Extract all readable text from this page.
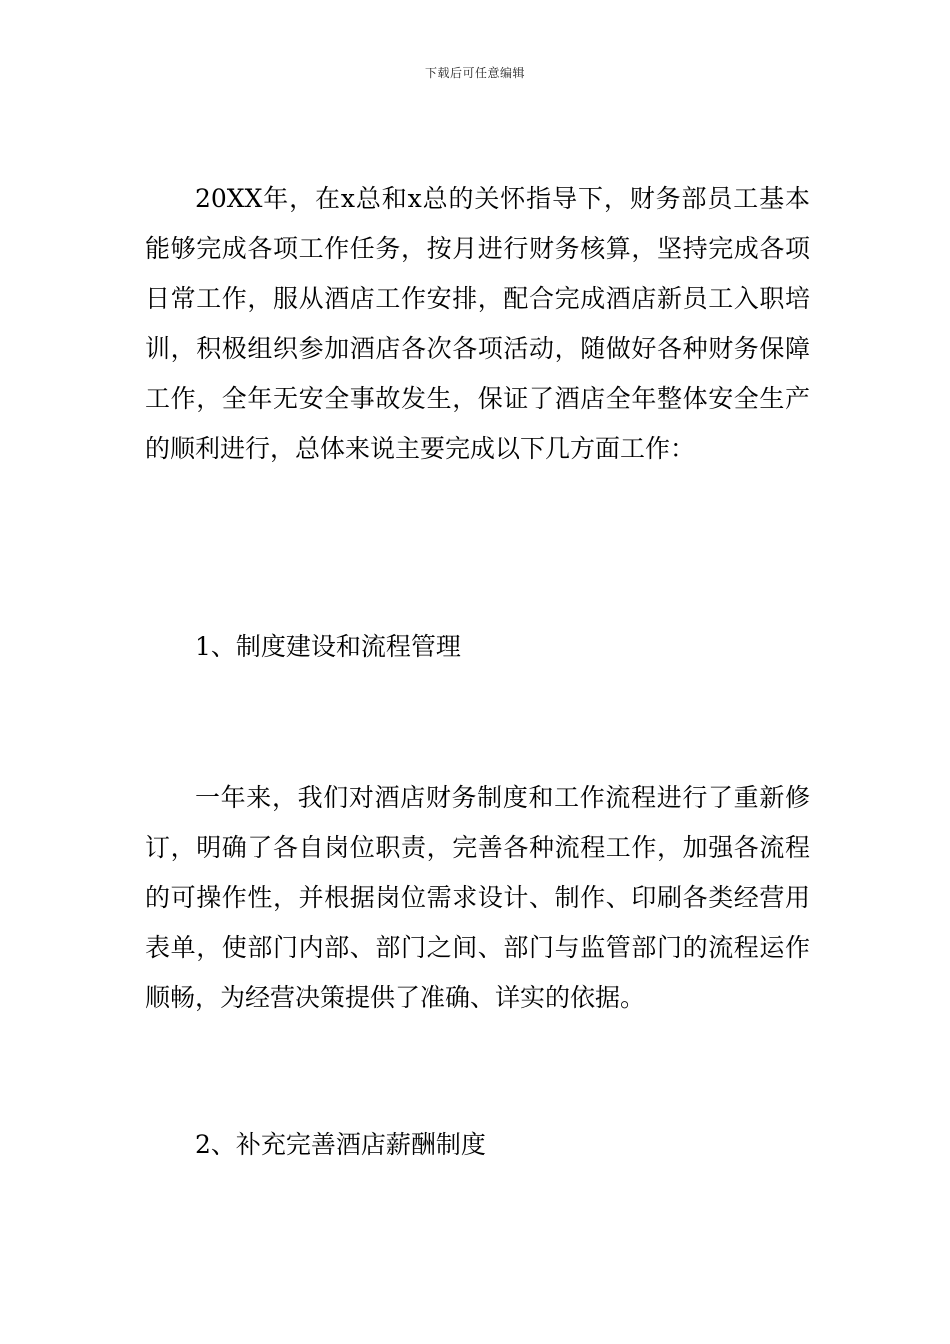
下载后可任意编辑

20XX年，在x总和x总的关怀指导下，财务部员工基本能够完成各项工作任务，按月进行财务核算，坚持完成各项日常工作，服从酒店工作安排，配合完成酒店新员工入职培训，积极组织参加酒店各次各项活动，随做好各种财务保障工作，全年无安全事故发生，保证了酒店全年整体安全生产的顺利进行，总体来说主要完成以下几方面工作：

1、制度建设和流程管理

一年来，我们对酒店财务制度和工作流程进行了重新修订，明确了各自岗位职责，完善各种流程工作，加强各流程的可操作性，并根据岗位需求设计、制作、印刷各类经营用表单，使部门内部、部门之间、部门与监管部门的流程运作顺畅，为经营决策提供了准确、详实的依据。

2、补充完善酒店薪酬制度
